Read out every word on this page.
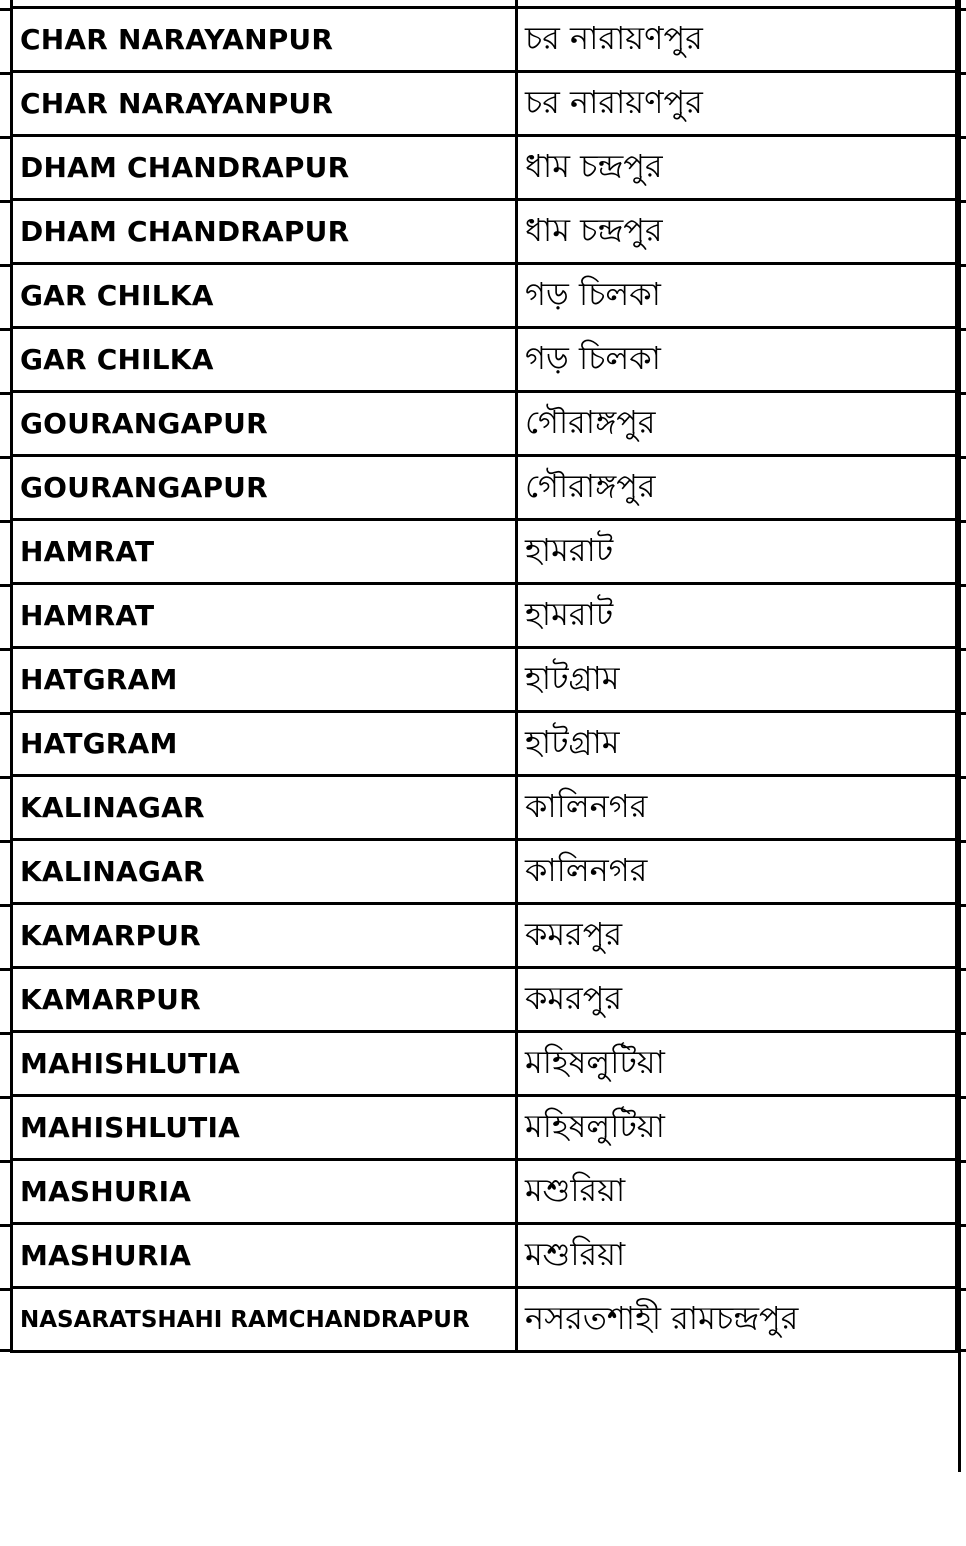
CHAR NARAYANPUR	চর নারায়ণপুর
CHAR NARAYANPUR	চর নারায়ণপুর
DHAM CHANDRAPUR	ধাম চন্দ্রপুর
DHAM CHANDRAPUR	ধাম চন্দ্রপুর
GAR CHILKA	গড় চিলকা
GAR CHILKA	গড় চিলকা
GOURANGAPUR	গৌরাঙ্গপুর
GOURANGAPUR	গৌরাঙ্গপুর
HAMRAT	হামরাট
HAMRAT	হামরাট
HATGRAM	হাটগ্রাম
HATGRAM	হাটগ্রাম
KALINAGAR	কালিনগর
KALINAGAR	কালিনগর
KAMARPUR	কমরপুর
KAMARPUR	কমরপুর
MAHISHLUTIA	মহিষলুটিয়া
MAHISHLUTIA	মহিষলুটিয়া
MASHURIA	মশুরিয়া
MASHURIA	মশুরিয়া
NASARATSHAHI RAMCHANDRAPUR	নসরতশাহী রামচন্দ্রপুর
